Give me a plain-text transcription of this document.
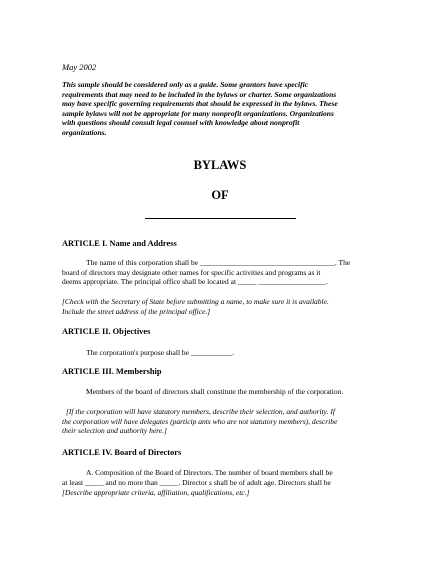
May 2002
This sample should be considered only as a guide. Some grantors have specific
requirements that may need to be included in the bylaws or charter. Some organizations
may have specific governing requirements that should be expressed in the bylaws. These
sample bylaws will not be appropriate for many nonprofit organizations. Organizations
with questions should consult legal counsel with knowledge about nonprofit
organizations.
BYLAWS
OF
ARTICLE I. Name and Address
The name of this corporation shall be ____________________________________. The
board of directors may designate other names for specific activities and programs as it
deems appropriate. The principal office shall be located at _____ __________________.
[Check with the Secretary of State before submitting a name, to make sure it is available.
Include the street address of the principal office.]
ARTICLE II. Objectives
The corporation's purpose shall be ___________.
ARTICLE III. Membership
Members of the board of directors shall constitute the membership of the corporation.
[If the corporation will have statutory members, describe their selection, and authority. If
the corporation will have delegates (particip ants who are not statutory members), describe
their selection and authority here.]
ARTICLE IV. Board of Directors
A. Composition of the Board of Directors. The number of board members shall be
at least _____ and no more than _____. Director s shall be of adult age. Directors shall be
[Describe appropriate criteria, affiliation, qualifications, etc.]
